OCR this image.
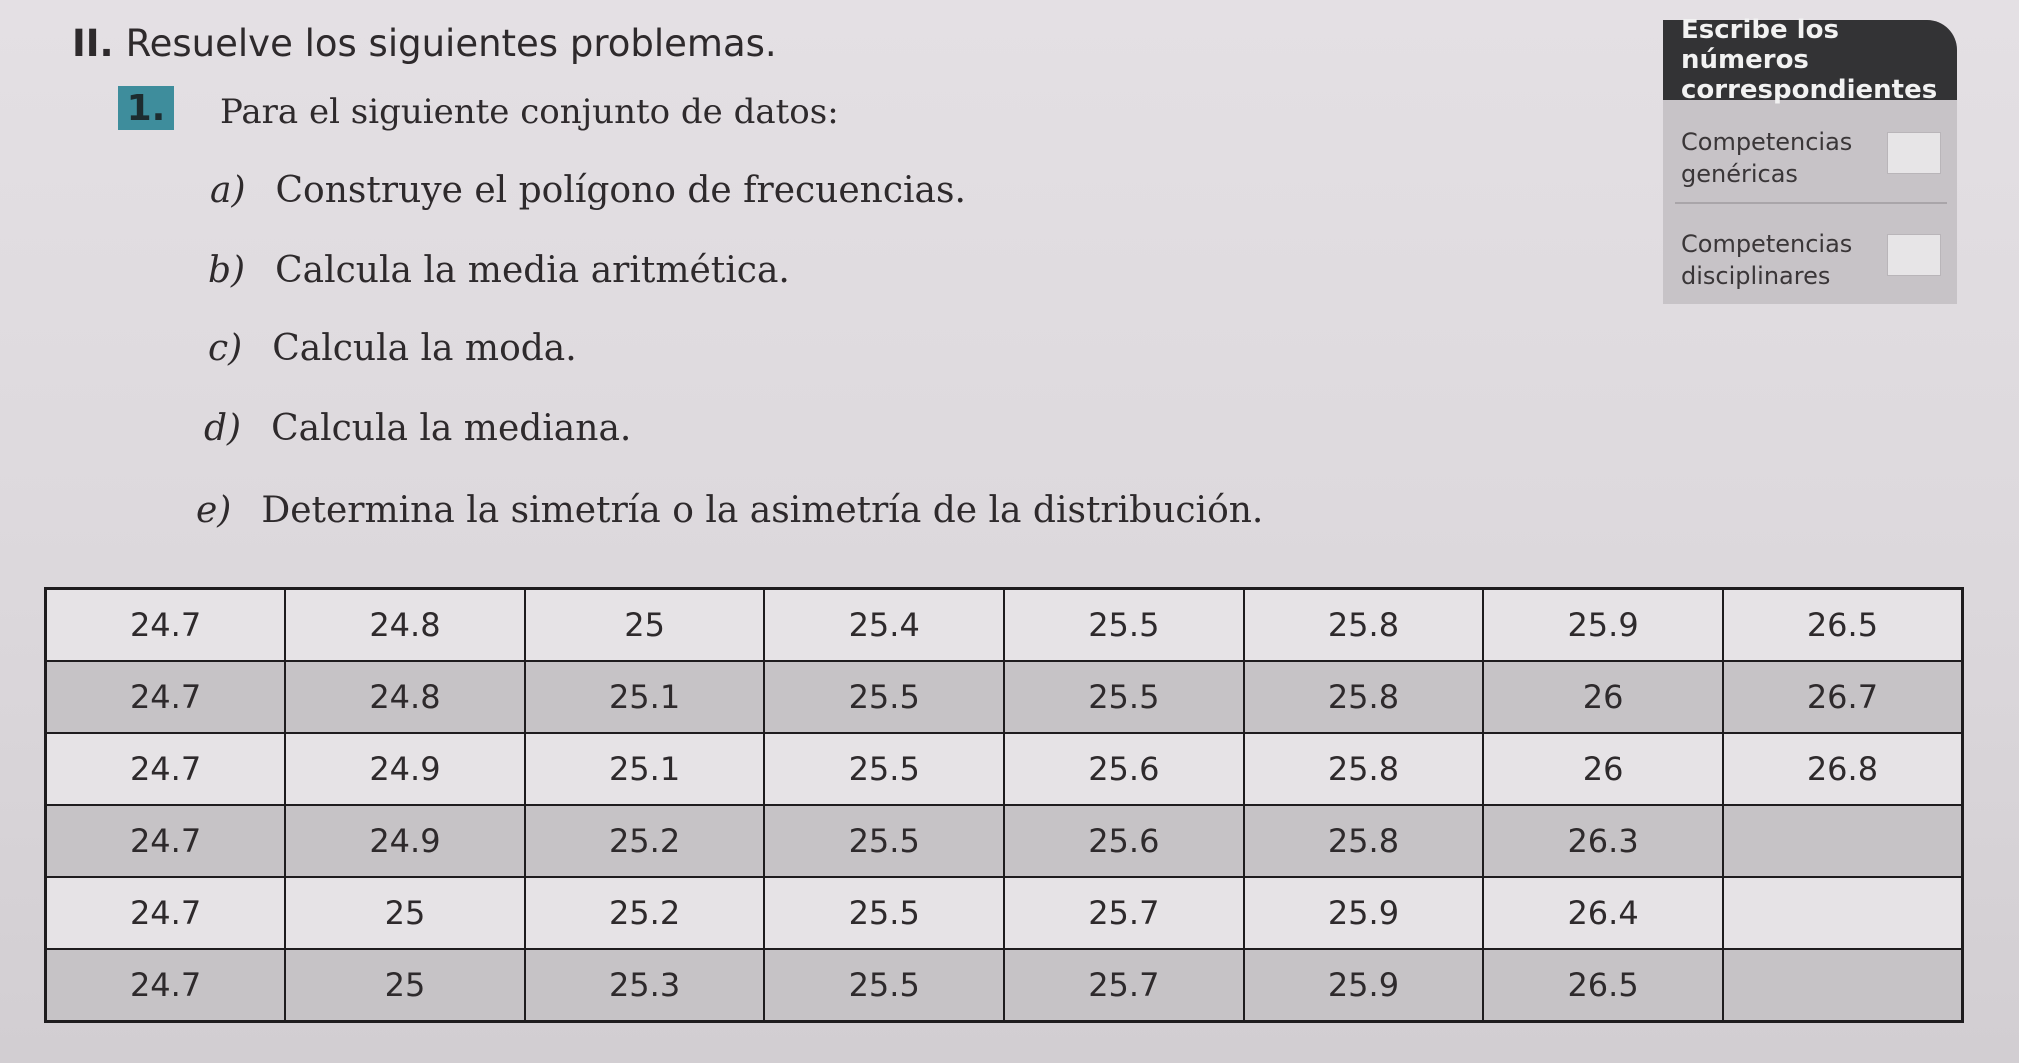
II. Resuelve los siguientes problemas.
1. Para el siguiente conjunto de datos:
a) Construye el polígono de frecuencias.
b) Calcula la media aritmética.
c) Calcula la moda.
d) Calcula la mediana.
e) Determina la simetría o la asimetría de la distribución.
Escribe los números
correspondientes
Competencias
genéricas
Competencias
disciplinares
24.7	24.8	25	25.4	25.5	25.8	25.9	26.5
24.7	24.8	25.1	25.5	25.5	25.8	26	26.7
24.7	24.9	25.1	25.5	25.6	25.8	26	26.8
24.7	24.9	25.2	25.5	25.6	25.8	26.3	
24.7	25	25.2	25.5	25.7	25.9	26.4	
24.7	25	25.3	25.5	25.7	25.9	26.5	
